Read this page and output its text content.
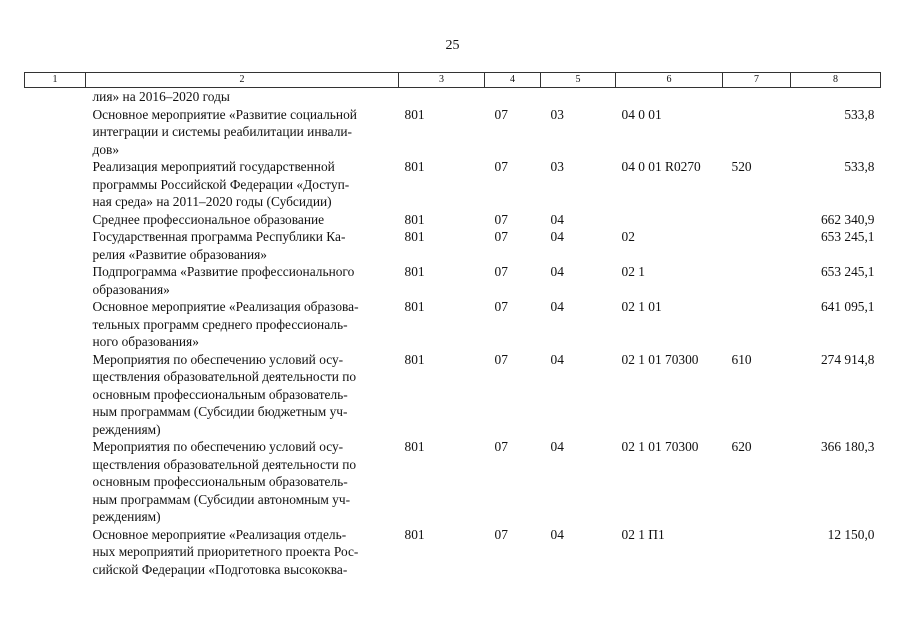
25
1	2	3	4	5	6	7	8

	лия» на 2016–2020 годы						

	Основное мероприятие «Развитие социальной
интеграции и системы реабилитации инвали-
дов»	801	07	03	04 0 01		533,8

	Реализация мероприятий государственной
программы Российской Федерации «Доступ-
ная среда» на 2011–2020 годы (Субсидии)	801	07	03	04 0 01 R0270	520	533,8

	Среднее профессиональное образование	801	07	04			662 340,9

	Государственная программа Республики Ка-
релия «Развитие образования»	801	07	04	02		653 245,1

	Подпрограмма «Развитие профессионального
образования»	801	07	04	02 1		653 245,1

	Основное мероприятие «Реализация образова-
тельных программ среднего профессиональ-
ного образования»	801	07	04	02 1 01		641 095,1

	Мероприятия по обеспечению условий осу-
ществления образовательной деятельности по
основным профессиональным образователь-
ным программам (Субсидии бюджетным уч-
реждениям)	801	07	04	02 1 01 70300	610	274 914,8

	Мероприятия по обеспечению условий осу-
ществления образовательной деятельности по
основным профессиональным образователь-
ным программам (Субсидии автономным уч-
реждениям)	801	07	04	02 1 01 70300	620	366 180,3

	Основное мероприятие «Реализация отдель-
ных мероприятий приоритетного проекта Рос-
сийской Федерации «Подготовка высококва-	801	07	04	02 1 П1		12 150,0
